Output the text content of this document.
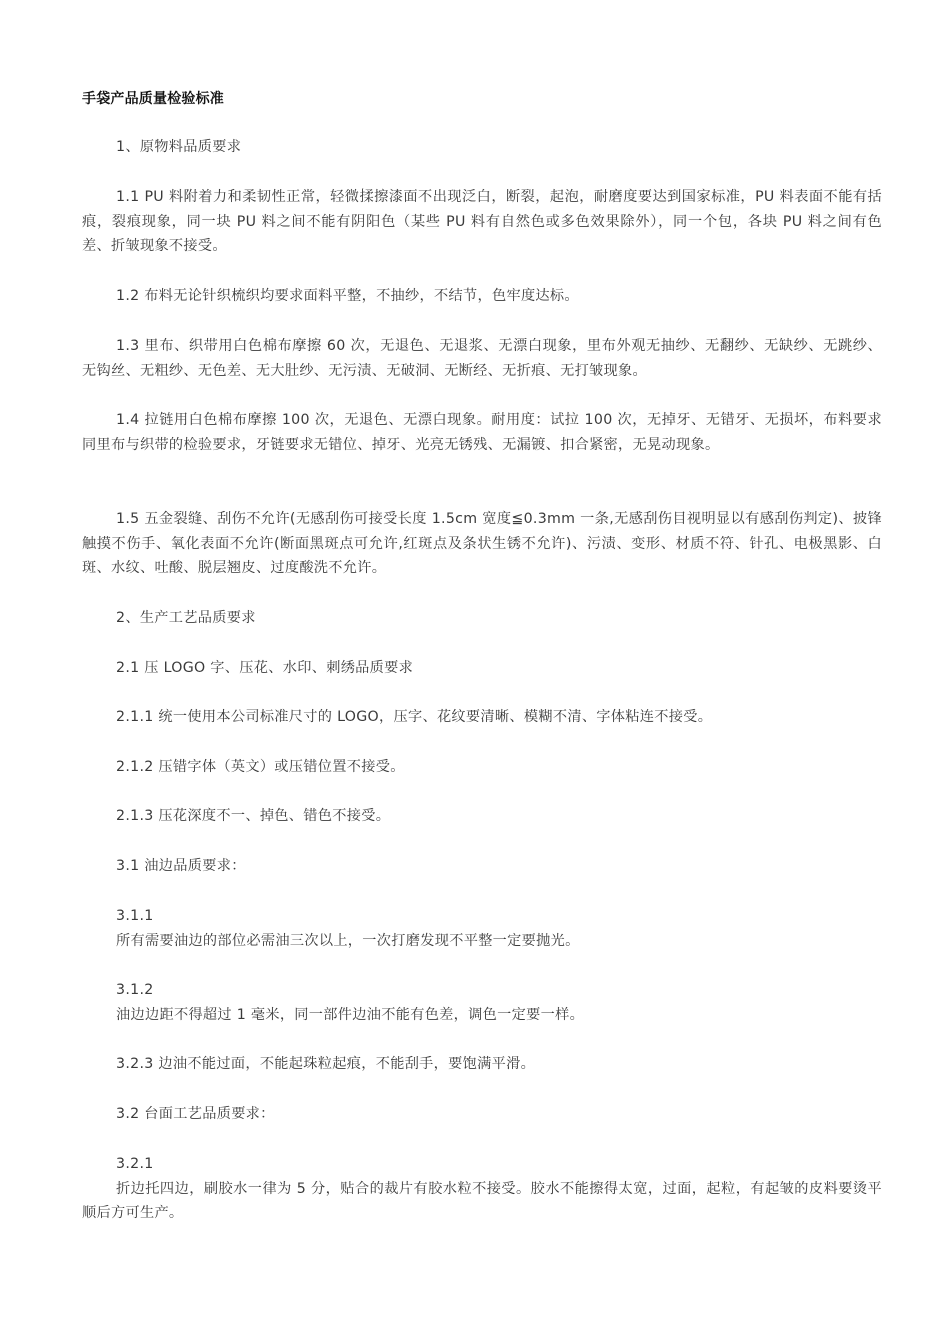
手袋产品质量检验标准

1、原物料品质要求

1.1 PU 料附着力和柔韧性正常，轻微揉擦漆面不出现泛白，断裂，起泡，耐磨度要达到国家标准，PU 料表面不能有括痕，裂痕现象，同一块 PU 料之间不能有阴阳色（某些 PU 料有自然色或多色效果除外），同一个包，各块 PU 料之间有色差、折皱现象不接受。

1.2 布料无论针织梳织均要求面料平整，不抽纱，不结节，色牢度达标。

1.3 里布、织带用白色棉布摩擦 60 次，无退色、无退浆、无漂白现象，里布外观无抽纱、无翻纱、无缺纱、无跳纱、无钩丝、无粗纱、无色差、无大肚纱、无污渍、无破洞、无断经、无折痕、无打皱现象。

1.4 拉链用白色棉布摩擦 100 次，无退色、无漂白现象。耐用度：试拉 100 次，无掉牙、无错牙、无损坏，布料要求同里布与织带的检验要求，牙链要求无错位、掉牙、光亮无锈残、无漏镀、扣合紧密，无晃动现象。

1.5 五金裂缝、刮伤不允许(无感刮伤可接受长度 1.5cm 宽度≦0.3mm 一条,无感刮伤目视明显以有感刮伤判定)、披锋触摸不伤手、氧化表面不允许(断面黑斑点可允许,红斑点及条状生锈不允许)、污渍、变形、材质不符、针孔、电极黑影、白斑、水纹、吐酸、脱层翘皮、过度酸洗不允许。

2、生产工艺品质要求

2.1 压 LOGO 字、压花、水印、刺绣品质要求

2.1.1 统一使用本公司标准尺寸的 LOGO，压字、花纹要清晰、模糊不清、字体粘连不接受。

2.1.2 压错字体（英文）或压错位置不接受。

2.1.3 压花深度不一、掉色、错色不接受。

3.1 油边品质要求：

3.1.1
所有需要油边的部位必需油三次以上，一次打磨发现不平整一定要抛光。
3.1.2
油边边距不得超过 1 毫米，同一部件边油不能有色差，调色一定要一样。

3.2.3 边油不能过面，不能起珠粒起痕，不能刮手，要饱满平滑。

3.2 台面工艺品质要求：

3.2.1
折边托四边，刷胶水一律为 5 分，贴合的裁片有胶水粒不接受。胶水不能擦得太宽，过面，起粒，有起皱的皮料要烫平顺后方可生产。
